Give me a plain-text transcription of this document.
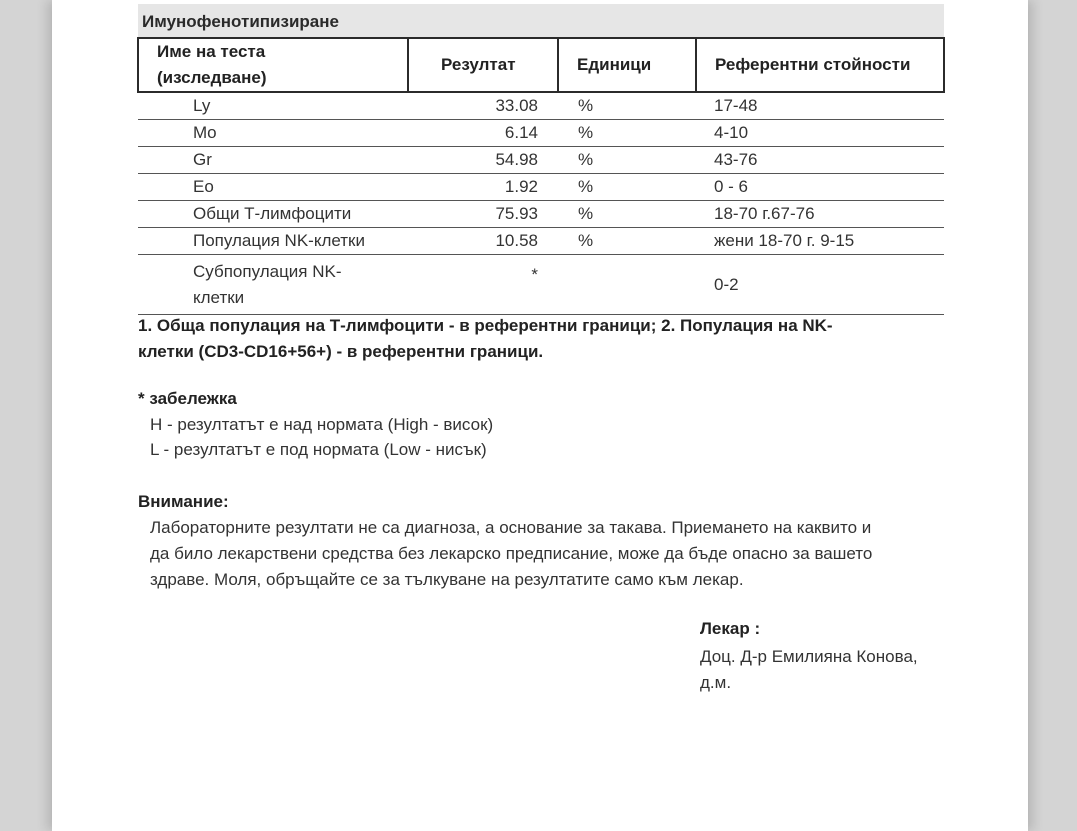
Имунофенотипизиране
Име на теста
(изследване)	Резултат	Единици	Референтни стойности
Ly	33.08	%	17-48
Mo	6.14	%	4-10
Gr	54.98	%	43-76
Eo	1.92	%	0 - 6
Общи Т-лимфоцити	75.93	%	18-70 г.67-76
Популация NK-клетки	10.58	%	жени 18-70 г. 9-15
Субпопулация NK-
клетки	*		0-2
1. Обща популация на Т-лимфоцити - в референтни граници; 2. Популация на NK-
клетки (CD3-CD16+56+) - в референтни граници.
* забележка
H - резултатът е над нормата (High - висок)
L - резултатът е под нормата (Low - нисък)
Внимание:
Лабораторните резултати не са диагноза, а основание за такава. Приемането на каквито и
да било лекарствени средства без лекарско предписание, може да бъде опасно за вашето
здраве. Моля, обръщайте се за тълкуване на резултатите само към лекар.
Лекар :
Доц. Д-р Емилияна Конова,
д.м.
